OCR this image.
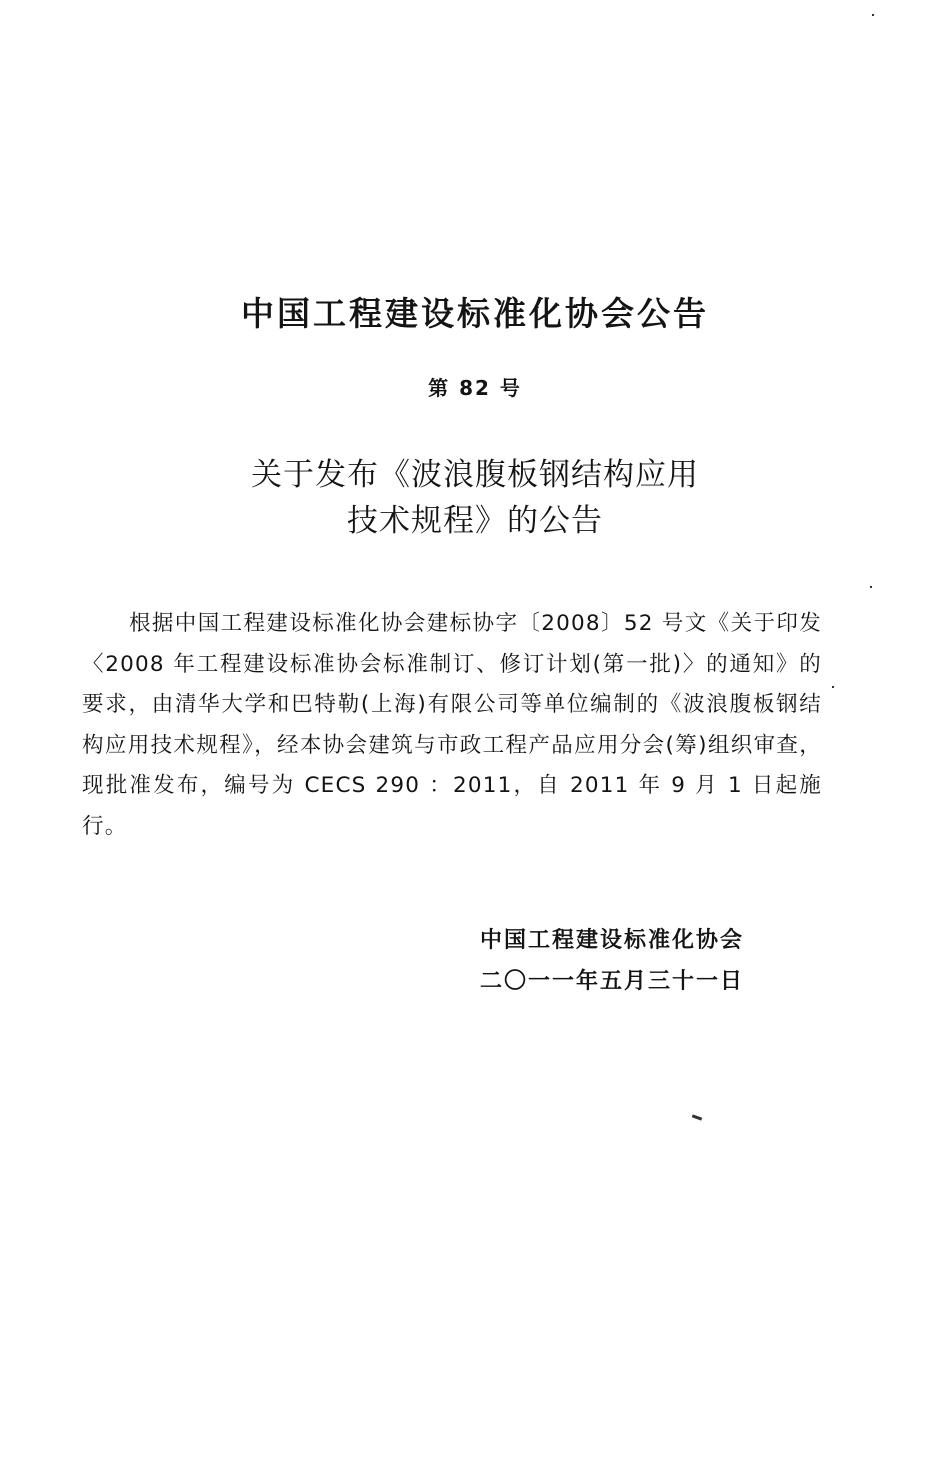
中国工程建设标准化协会公告
第 82 号
关于发布《波浪腹板钢结构应用
技术规程》的公告

根据中国工程建设标准化协会建标协字〔2008〕52 号文《关于印发〈2008 年工程建设标准协会标准制订、修订计划(第一批)〉的通知》的要求，由清华大学和巴特勒(上海)有限公司等单位编制的《波浪腹板钢结构应用技术规程》，经本协会建筑与市政工程产品应用分会(筹)组织审查，现批准发布，编号为 CECS 290 ：2011，自 2011 年 9 月 1 日起施行。

中国工程建设标准化协会
二〇一一年五月三十一日
